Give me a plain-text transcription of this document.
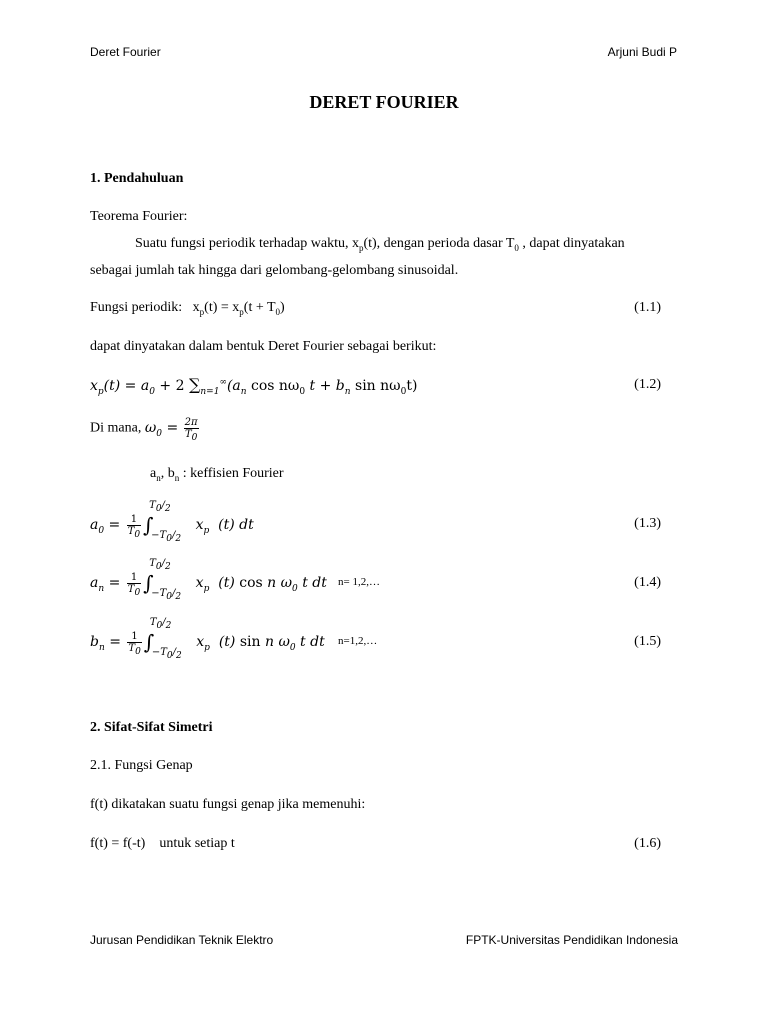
Deret Fourier	Arjuni Budi P
DERET FOURIER
1. Pendahuluan
Teorema Fourier:
Suatu fungsi periodik terhadap waktu, $x_p(t)$, dengan perioda dasar $T_0$ , dapat dinyatakan
sebagai jumlah tak hingga dari gelombang-gelombang sinusoidal.
Fungsi periodik:   $x_p(t) = x_p(t + T_0)$	(1.1)
dapat dinyatakan dalam bentuk Deret Fourier sebagai berikut:
$x_p(t) = a_0 + 2$ $\sum_{n=1}^\infty(a_n$ $\cos n\omega_0$ $t + b_n$ $\sin n\omega_0t$)	(1.2)
Di mana, $\omega_0 = \frac{2\pi}{T_0}$
$a_n$, $b_n$ : keffisien Fourier
$a_0 = \frac{1}{T_0}$ ∫
$T_0/_2$
$-T_0/_2$
$x_p$  (t) dt	(1.3)
$a_n = \frac{1}{T_0}$ ∫
$T_0/_2$
$-T_0/_2$
$x_p$  (t) cos n $\omega_0$ t dt n= 1,2,…	(1.4)
$b_n = \frac{1}{T_0}$ ∫
$T_0/_2$
$-T_0/_2$
$x_p$  (t) sin n $\omega_0$ t dt n=1,2,…	(1.5)
2. Sifat-Sifat Simetri
2.1. Fungsi Genap
f(t) dikatakan suatu fungsi genap jika memenuhi:
f(t) = f(-t) untuk setiap t	(1.6)
Jurusan Pendidikan Teknik Elektro	FPTK-Universitas Pendidikan Indonesia
